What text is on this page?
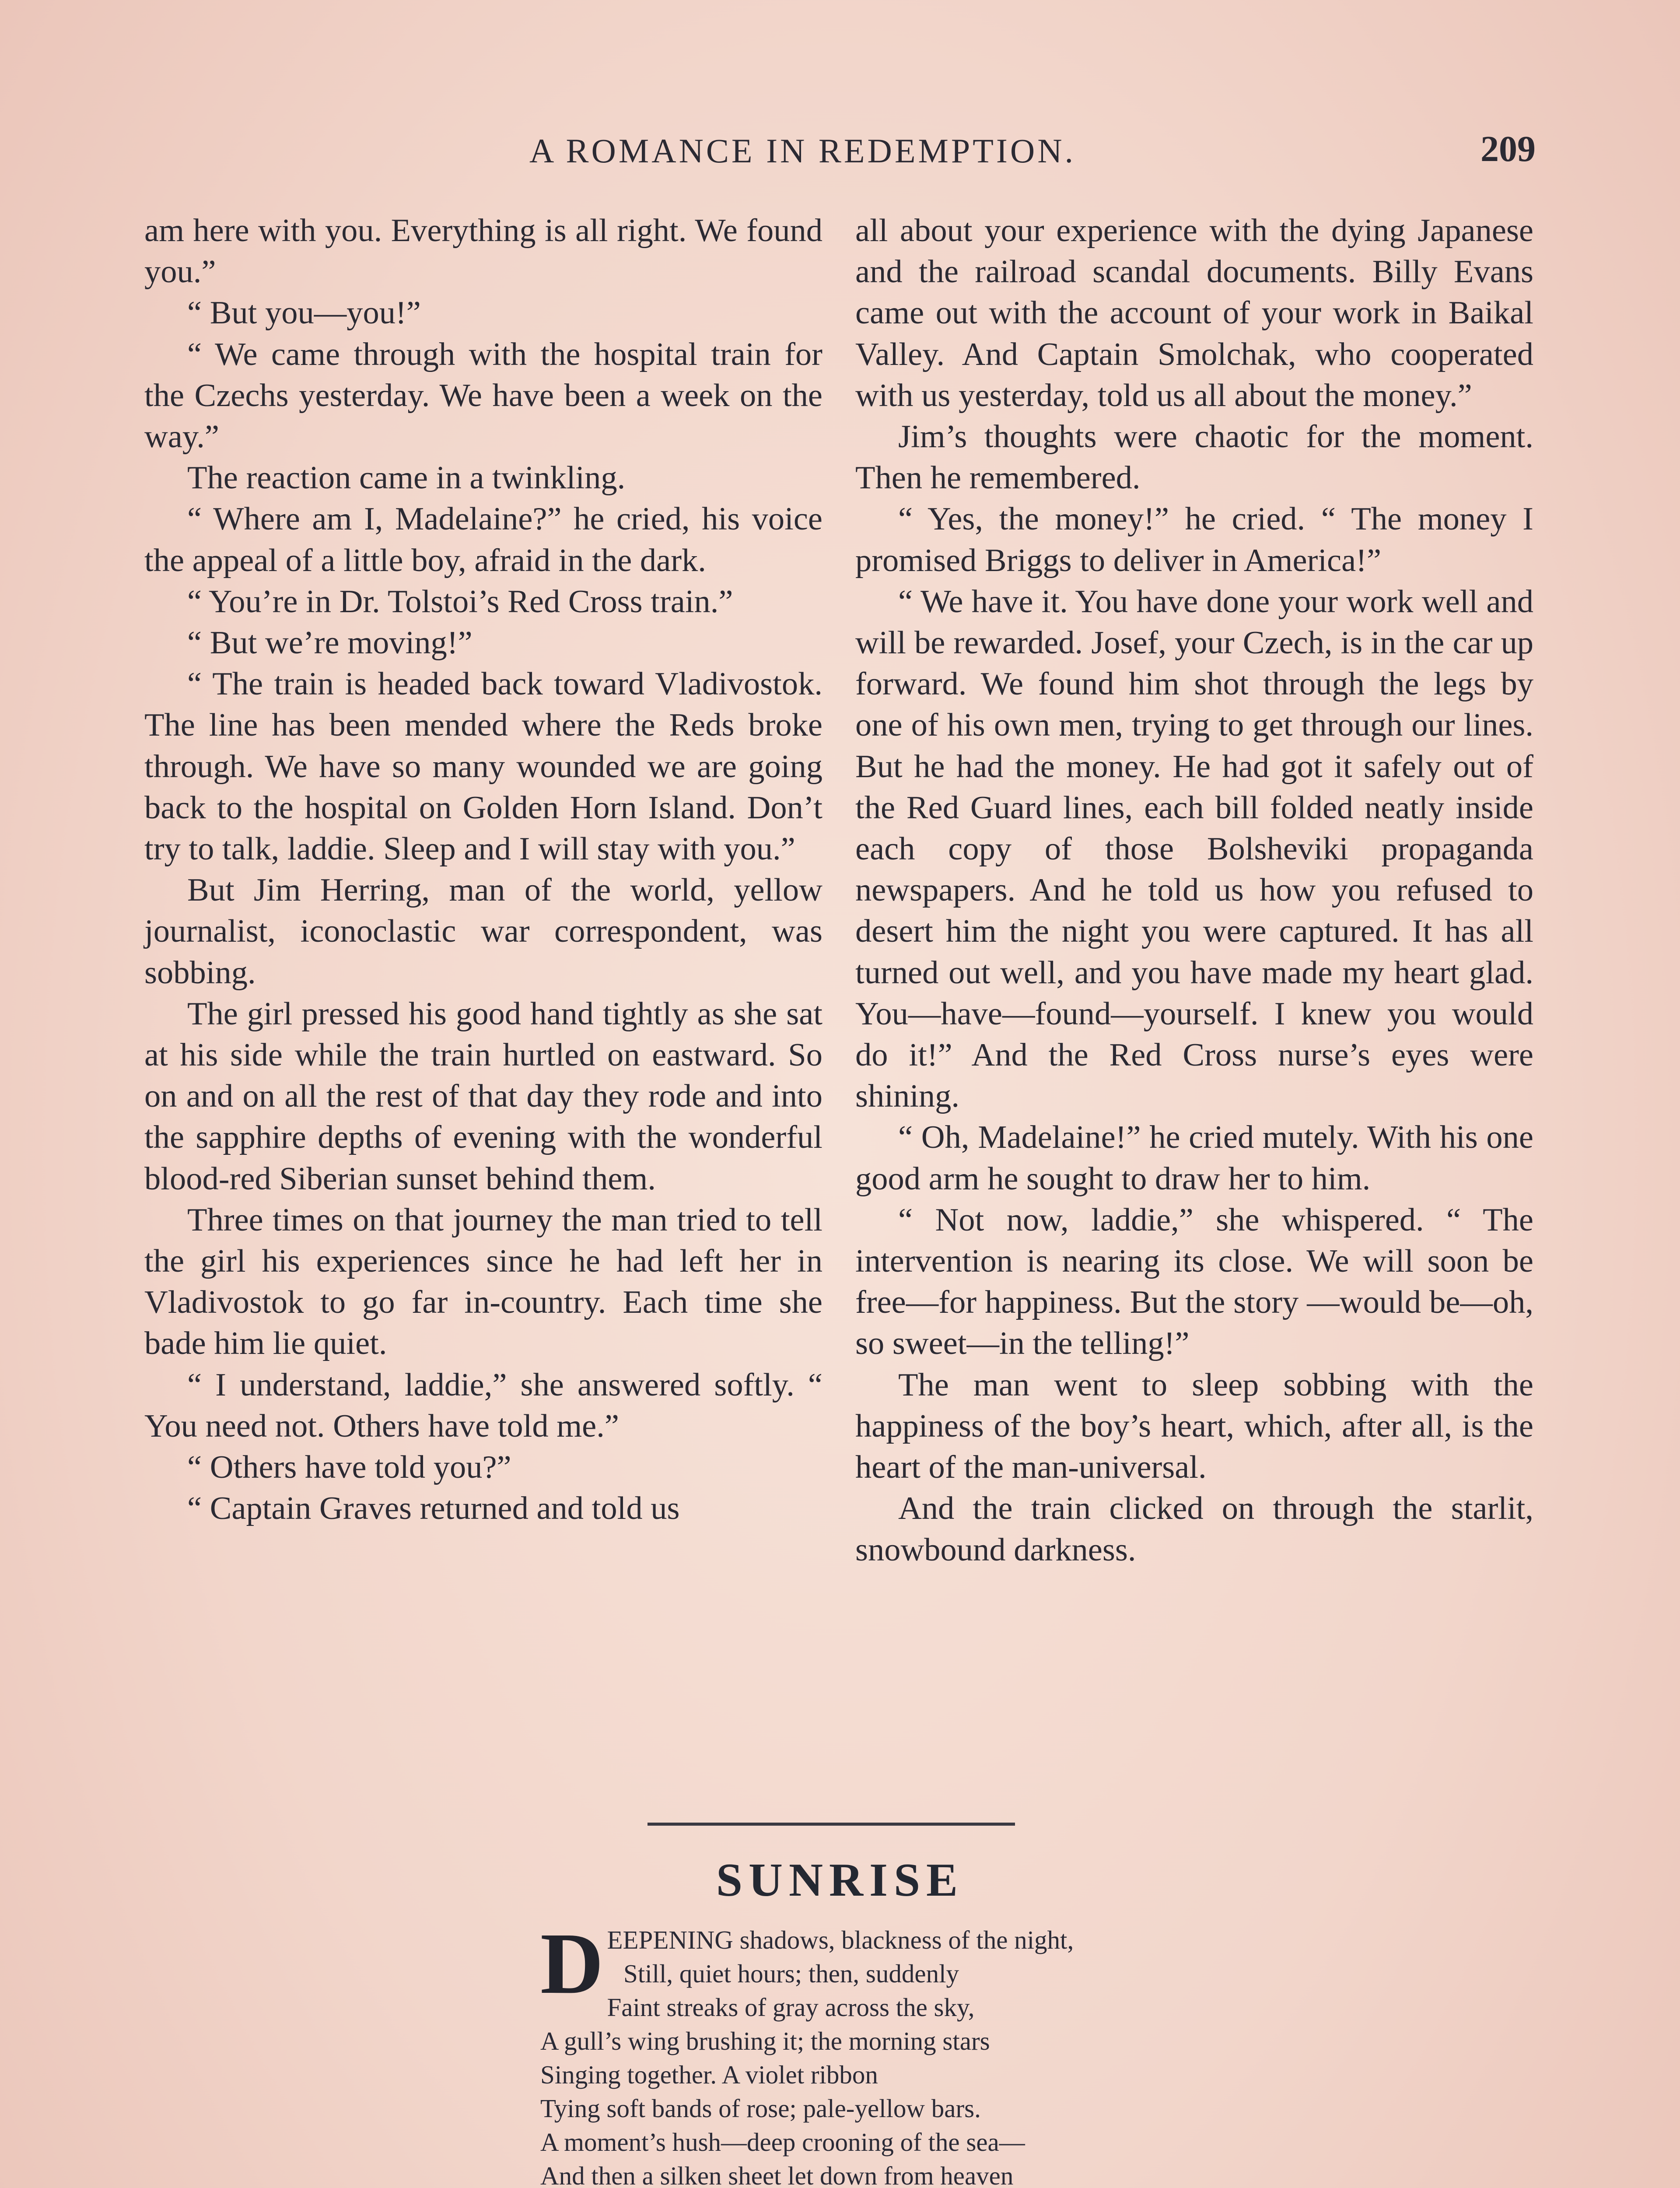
A ROMANCE IN REDEMPTION.	209

am here with you. Everything is all right. We found you.”

“ But you—you!”

“ We came through with the hospital train for the Czechs yesterday. We have been a week on the way.”

The reaction came in a twinkling.

“ Where am I, Madelaine?” he cried, his voice the appeal of a little boy, afraid in the dark.

“ You’re in Dr. Tolstoi’s Red Cross train.”

“ But we’re moving!”

“ The train is headed back toward Vladivostok. The line has been mended where the Reds broke through. We have so many wounded we are going back to the hospital on Golden Horn Island. Don’t try to talk, laddie. Sleep and I will stay with you.”

But Jim Herring, man of the world, yellow journalist, iconoclastic war correspondent, was sobbing.

The girl pressed his good hand tightly as she sat at his side while the train hurtled on eastward. So on and on all the rest of that day they rode and into the sapphire depths of evening with the wonderful blood-red Siberian sunset behind them.

Three times on that journey the man tried to tell the girl his experiences since he had left her in Vladivostok to go far in-country. Each time she bade him lie quiet.

“ I understand, laddie,” she answered softly. “ You need not. Others have told me.”

“ Others have told you?”

“ Captain Graves returned and told us

all about your experience with the dying Japanese and the railroad scandal documents. Billy Evans came out with the account of your work in Baikal Valley. And Captain Smolchak, who cooperated with us yesterday, told us all about the money.”

Jim’s thoughts were chaotic for the moment. Then he remembered.

“ Yes, the money!” he cried. “ The money I promised Briggs to deliver in America!”

“ We have it. You have done your work well and will be rewarded. Josef, your Czech, is in the car up forward. We found him shot through the legs by one of his own men, trying to get through our lines. But he had the money. He had got it safely out of the Red Guard lines, each bill folded neatly inside each copy of those Bolsheviki propaganda newspapers. And he told us how you refused to desert him the night you were captured. It has all turned out well, and you have made my heart glad. You—have—found—yourself. I knew you would do it!” And the Red Cross nurse’s eyes were shining.

“ Oh, Madelaine!” he cried mutely. With his one good arm he sought to draw her to him.

“ Not now, laddie,” she whispered. “ The intervention is nearing its close. We will soon be free—for happiness. But the story —would be—oh, so sweet—in the telling!”

The man went to sleep sobbing with the happiness of the boy’s heart, which, after all, is the heart of the man-universal.

And the train clicked on through the starlit, snowbound darkness.

SUNRISE
D EEPENING shadows, blackness of the night,
Still, quiet hours; then, suddenly
Faint streaks of gray across the sky,
A gull’s wing brushing it; the morning stars
Singing together. A violet ribbon
Tying soft bands of rose; pale-yellow bars.
A moment’s hush—deep crooning of the sea—
And then a silken sheet let down from heaven
